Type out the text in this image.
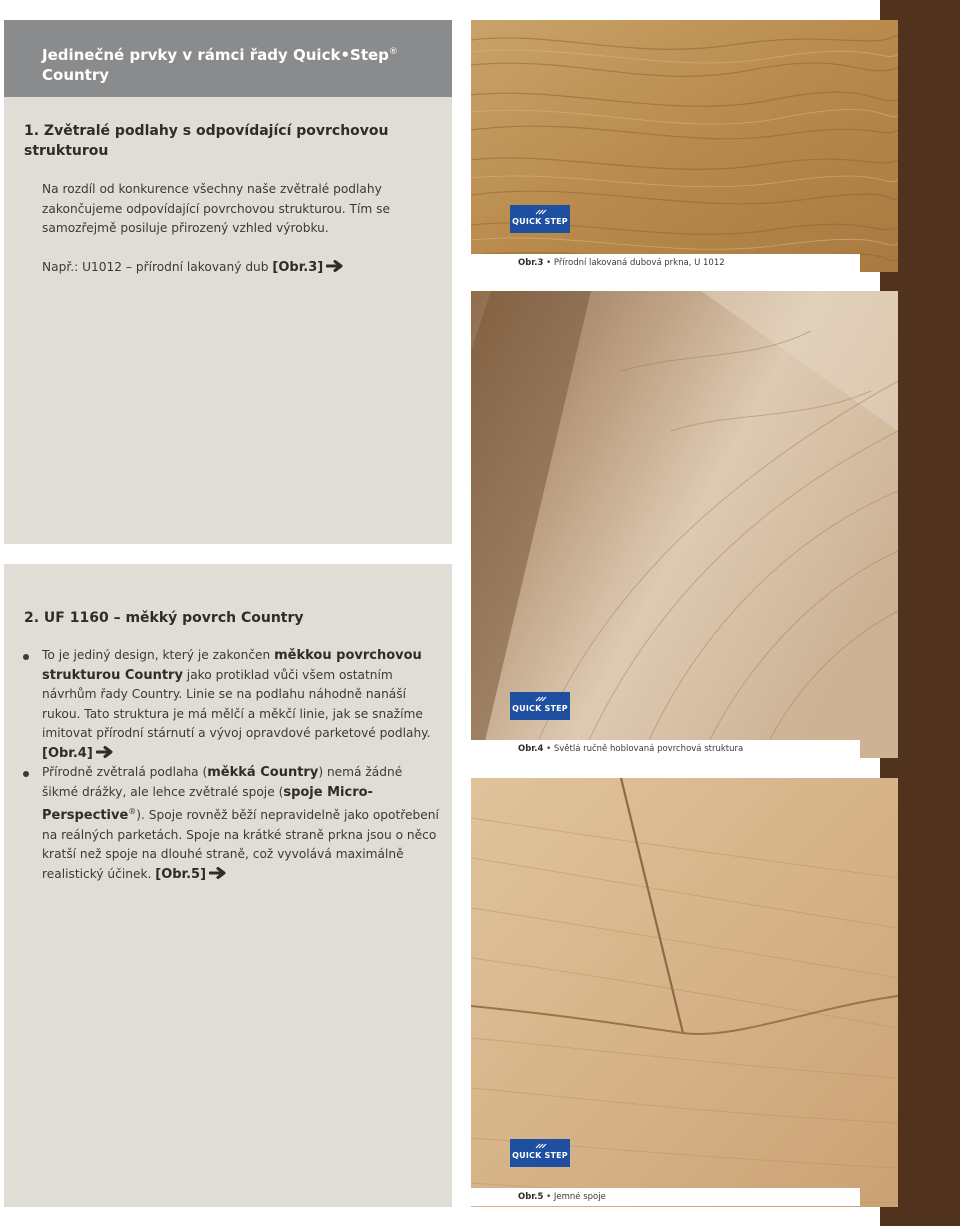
Jedinečné prvky v rámci řady Quick•Step®
Country
1. Zvětralé podlahy s odpovídající povrchovou strukturou
Na rozdíl od konkurence všechny naše zvětralé podlahy zakončujeme odpovídající povrchovou strukturou. Tím se samozřejmě posiluje přirozený vzhled výrobku.
Např.: U1012 – přírodní lakovaný dub [Obr.3]
2. UF 1160 – měkký povrch Country
To je jediný design, který je zakončen měkkou povrchovou strukturou Country jako protiklad vůči všem ostatním návrhům řady Country. Linie se na podlahu náhodně nanáší rukou. Tato struktura je má mělčí a měkčí linie, jak se snažíme imitovat přírodní stárnutí a vývoj opravdové parketové podlahy. [Obr.4]
Přírodně zvětralá podlaha (měkká Country) nemá žádné šikmé drážky, ale lehce zvětralé spoje (spoje Micro-Perspective®). Spoje rovněž běží nepravidelně jako opotřebení na reálných parketách. Spoje na krátké straně prkna jsou o něco kratší než spoje na dlouhé straně, což vyvolává maximálně realistický účinek. [Obr.5]
QUICK STEP
Obr.3 • Přírodní lakovaná dubová prkna, U 1012
QUICK STEP
Obr.4 • Světlá ručně hoblovaná povrchová struktura
QUICK STEP
Obr.5 • Jemné spoje
